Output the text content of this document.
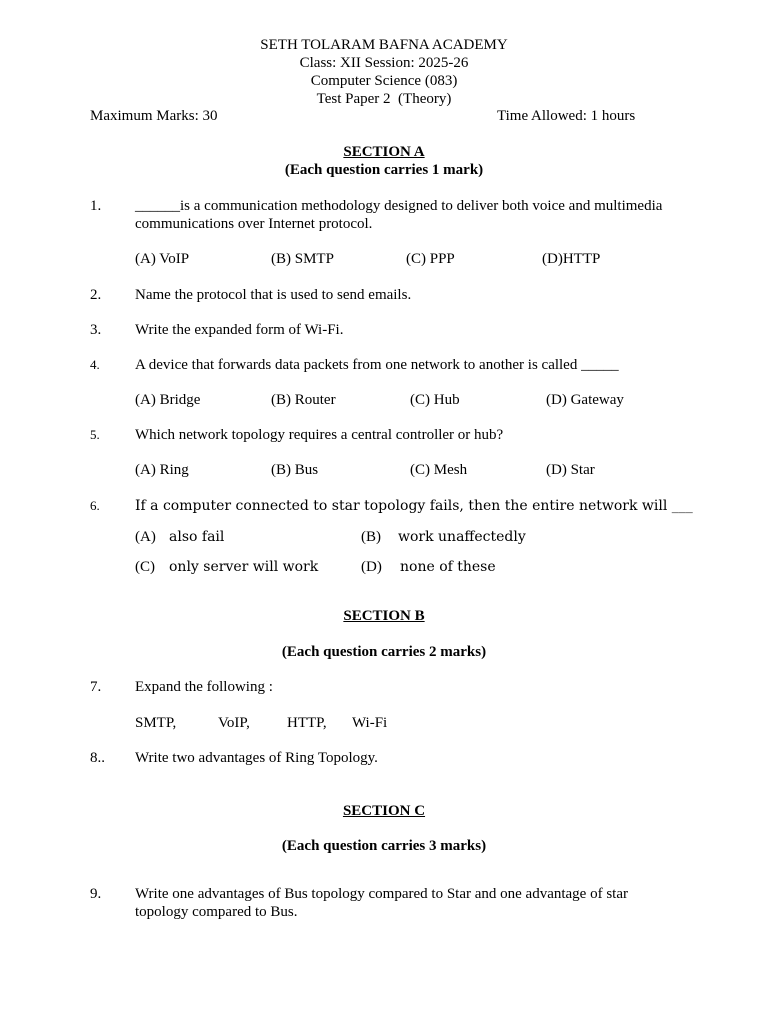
SETH TOLARAM BAFNA ACADEMY
Class: XII Session: 2025-26
Computer Science (083)
Test Paper 2  (Theory)
Maximum Marks: 30	Time Allowed: 1 hours
SECTION A
(Each question carries 1 mark)
1. ______is a communication methodology designed to deliver both voice and multimedia communications over Internet protocol.
(A) VoIP	(B) SMTP	(C) PPP	(D)HTTP
2. Name the protocol that is used to send emails.
3. Write the expanded form of Wi-Fi.
4. A device that forwards data packets from one network to another is called _____
(A) Bridge	(B) Router	(C) Hub	(D) Gateway
5. Which network topology requires a central controller or hub?
(A) Ring	(B) Bus	(C) Mesh	(D) Star
6.	If a computer connected to star topology fails, then the entire network will ___
(A) also fail	(B) work unaffectedly
(C) only server will work	(D) none of these
SECTION B
(Each question carries 2 marks)
7. Expand the following :
SMTP,	VoIP, HTTP, Wi-Fi
8.. Write two advantages of Ring Topology.
SECTION C
(Each question carries 3 marks)
9. Write one advantages of Bus topology compared to Star and one advantage of star topology compared to Bus.
